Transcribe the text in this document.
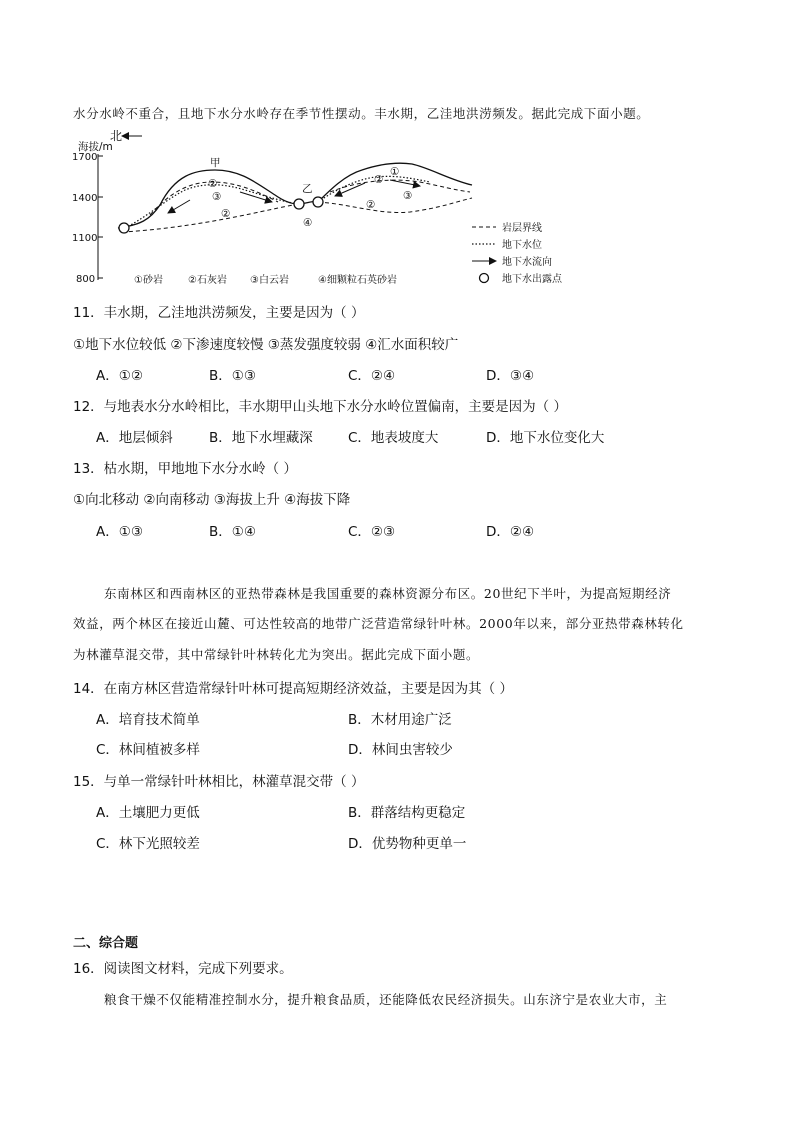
水分水岭不重合，且地下水分水岭存在季节性摆动。丰水期，乙洼地洪涝频发。据此完成下面小题。
北
海拔/m
1700
1400
1100
800
甲
乙
②
③
②
④
①
②
③
②
①砂岩	②石灰岩 ③白云岩	④细颗粒石英砂岩
岩层界线
地下水位
地下水流向
地下水出露点
11．丰水期，乙洼地洪涝频发，主要是因为（ ）
①地下水位较低 ②下渗速度较慢 ③蒸发强度较弱 ④汇水面积较广
A．①②	B．①③	C．②④	D．③④
12．与地表水分水岭相比，丰水期甲山头地下水分水岭位置偏南，主要是因为（ ）
A．地层倾斜	B．地下水埋藏深	C．地表坡度大	D．地下水位变化大
13．枯水期，甲地地下水分水岭（ ）
①向北移动 ②向南移动 ③海拔上升 ④海拔下降
A．①③	B．①④	C．②③	D．②④
东南林区和西南林区的亚热带森林是我国重要的森林资源分布区。20世纪下半叶，为提高短期经济
效益，两个林区在接近山麓、可达性较高的地带广泛营造常绿针叶林。2000年以来，部分亚热带森林转化
为林灌草混交带，其中常绿针叶林转化尤为突出。据此完成下面小题。
14．在南方林区营造常绿针叶林可提高短期经济效益，主要是因为其（ ）
A．培育技术简单	B．木材用途广泛
C．林间植被多样	D．林间虫害较少
15．与单一常绿针叶林相比，林灌草混交带（ ）
A．土壤肥力更低	B．群落结构更稳定
C．林下光照较差	D．优势物种更单一
二、综合题
16．阅读图文材料，完成下列要求。
粮食干燥不仅能精准控制水分，提升粮食品质，还能降低农民经济损失。山东济宁是农业大市，主
